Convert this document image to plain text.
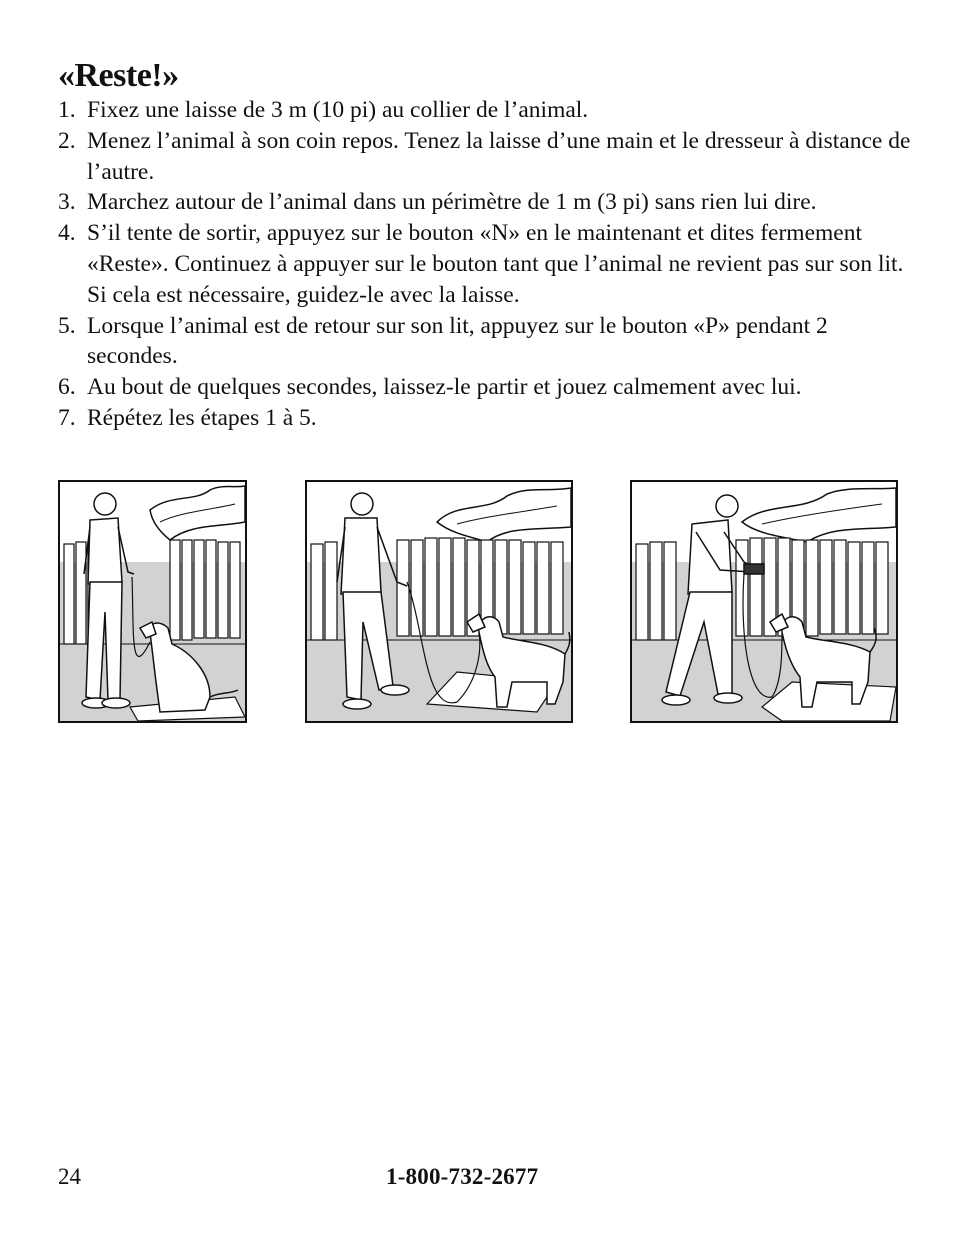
«Reste!»
1. Fixez une laisse de 3 m (10 pi) au collier de l’animal.
2. Menez l’animal à son coin repos. Tenez la laisse d’une main et le dresseur à distance de l’autre.
3. Marchez autour de l’animal dans un périmètre de 1 m (3 pi) sans rien lui dire.
4. S’il tente de sortir, appuyez sur le bouton «N» en le maintenant et dites fermement «Reste». Continuez à appuyer sur le bouton tant que l’animal ne revient pas sur son lit. Si cela est nécessaire, guidez-le avec la laisse.
5. Lorsque l’animal est de retour sur son lit, appuyez sur le bouton «P» pendant 2 secondes.
6. Au bout de quelques secondes, laissez-le partir et jouez calmement avec lui.
7. Répétez les étapes 1 à 5.
24	1-800-732-2677
